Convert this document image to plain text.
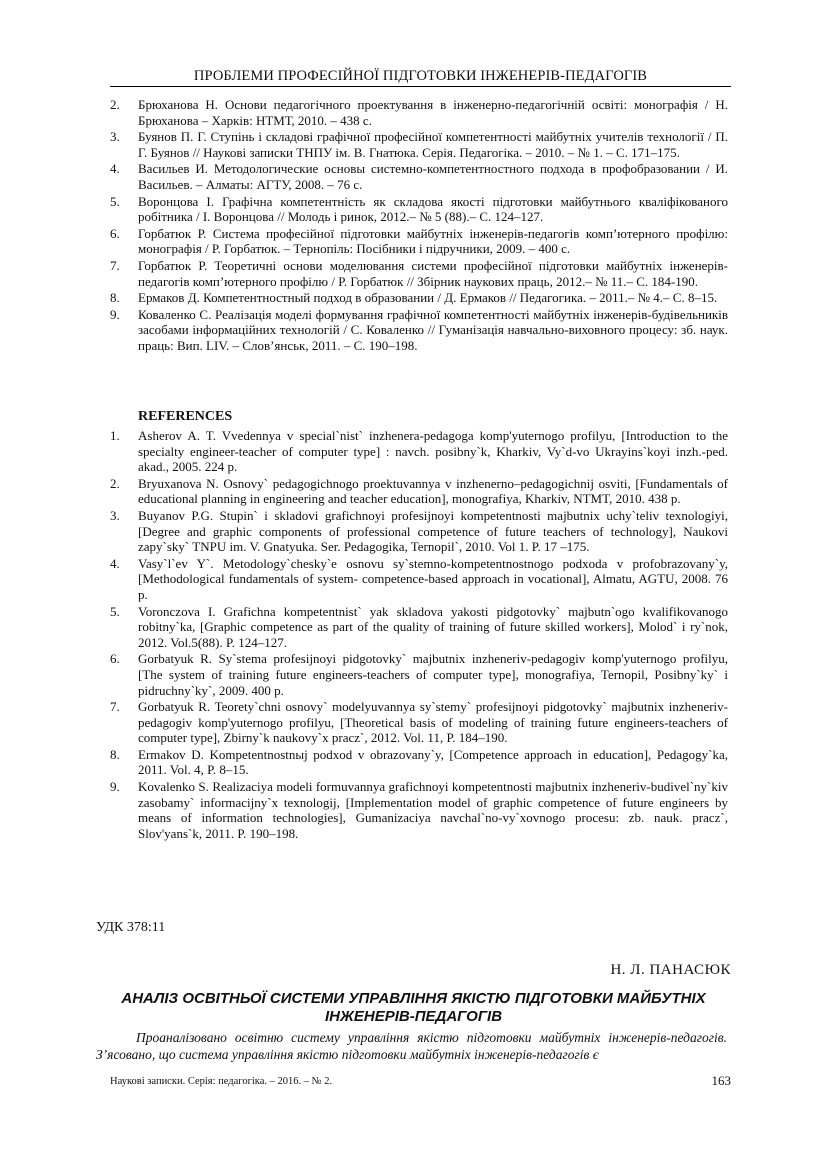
ПРОБЛЕМИ ПРОФЕСІЙНОЇ ПІДГОТОВКИ ІНЖЕНЕРІВ-ПЕДАГОГІВ
2. Брюханова Н. Основи педагогічного проектування в інженерно-педагогічній освіті: монографія / Н. Брюханова – Харків: НТМТ, 2010. – 438 с.
3. Буянов П. Г. Ступінь і складові графічної професійної компетентності майбутніх учителів технології / П. Г. Буянов // Наукові записки ТНПУ ім. В. Гнатюка. Серія. Педагогіка. – 2010. – № 1. – С. 171–175.
4. Васильев И. Методологические основы системно-компетентностного подхода в профобразовании / И. Васильев. – Алматы: АГТУ, 2008. – 76 с.
5. Воронцова І. Графічна компетентність як складова якості підготовки майбутнього кваліфікованого робітника / І. Воронцова // Молодь і ринок, 2012.– № 5 (88).– С. 124–127.
6. Горбатюк Р. Система професійної підготовки майбутніх інженерів-педагогів комп’ютерного профілю: монографія / Р. Горбатюк. – Тернопіль: Посібники і підручники, 2009. – 400 с.
7. Горбатюк Р. Теоретичні основи моделювання системи професійної підготовки майбутніх інженерів-педагогів комп’ютерного профілю / Р. Горбатюк // Збірник наукових праць, 2012.– № 11.– С. 184-190.
8. Ермаков Д. Компетентностный подход в образовании / Д. Ермаков // Педагогика. – 2011.– № 4.– С. 8–15.
9. Коваленко С. Реалізація моделі формування графічної компетентності майбутніх інженерів-будівельників засобами інформаційних технологій / С. Коваленко // Гуманізація навчально-виховного процесу: зб. наук. праць: Вип. LIV. – Слов’янськ, 2011. – С. 190–198.
REFERENCES
1. Asherov A. T. Vvedennya v special`nist` inzhenera-pedagoga komp'yuternogo profilyu, [Introduction to the specialty engineer-teacher of computer type] : navch. posibny`k, Kharkiv, Vy`d-vo Ukrayins`koyi inzh.-ped. akad., 2005. 224 p.
2. Bryuxanova N. Osnovy` pedagogichnogo proektuvannya v inzhenerno–pedagogichnij osviti, [Fundamentals of educational planning in engineering and teacher education], monografiya, Kharkiv, NTMT, 2010. 438 p.
3. Buyanov P.G. Stupin` i skladovi grafichnoyi profesijnoyi kompetentnosti majbutnix uchy`teliv texnologiyi, [Degree and graphic components of professional competence of future teachers of technology], Naukovi zapy`sky` TNPU im. V. Gnatyuka. Ser. Pedagogika, Ternopil`, 2010. Vol 1. P. 17 –175.
4. Vasy`l`ev Y`. Metodology`chesky`e osnovu sy`stemno-kompetentnostnogo podxoda v profobrazovany`y, [Methodological fundamentals of system- competence-based approach in vocational], Almatu, AGTU, 2008. 76 p.
5. Voronczova I. Grafichna kompetentnist` yak skladova yakosti pidgotovky` majbutn`ogo kvalifikovanogo robitny`ka, [Graphic competence as part of the quality of training of future skilled workers], Molod` i ry`nok, 2012. Vol.5(88). P. 124–127.
6. Gorbatyuk R. Sy`stema profesijnoyi pidgotovky` majbutnix inzheneriv-pedagogiv komp'yuternogo profilyu, [The system of training future engineers-teachers of computer type], monografiya, Ternopil, Posibny`ky` i pidruchny`ky`, 2009. 400 p.
7. Gorbatyuk R. Teorety`chni osnovy` modelyuvannya sy`stemy` profesijnoyi pidgotovky` majbutnix inzheneriv-pedagogiv komp'yuternogo profilyu, [Theoretical basis of modeling of training future engineers-teachers of computer type], Zbirny`k naukovy`x pracz`, 2012. Vol. 11, P. 184–190.
8. Ermakov D. Kompetentnostnыj podxod v obrazovany`y, [Competence approach in education], Pedagogy`ka, 2011. Vol. 4, P. 8–15.
9. Kovalenko S. Realizaciya modeli formuvannya grafichnoyi kompetentnosti majbutnix inzheneriv-budivel`ny`kiv zasobamy` informacijny`x texnologij, [Implementation model of graphic competence of future engineers by means of information technologies], Gumanizaciya navchal`no-vy`xovnogo procesu: zb. nauk. pracz`, Slov'yans`k, 2011. P. 190–198.
УДК 378:11
Н. Л. ПАНАСЮК
АНАЛІЗ ОСВІТНЬОЇ СИСТЕМИ УПРАВЛІННЯ ЯКІСТЮ ПІДГОТОВКИ МАЙБУТНІХ ІНЖЕНЕРІВ-ПЕДАГОГІВ

Проаналізовано освітню систему управління якістю підготовки майбутніх інженерів-педагогів. З’ясовано, що система управління якістю підготовки майбутніх інженерів-педагогів є

Наукові записки. Серія: педагогіка. – 2016. – № 2.	163
